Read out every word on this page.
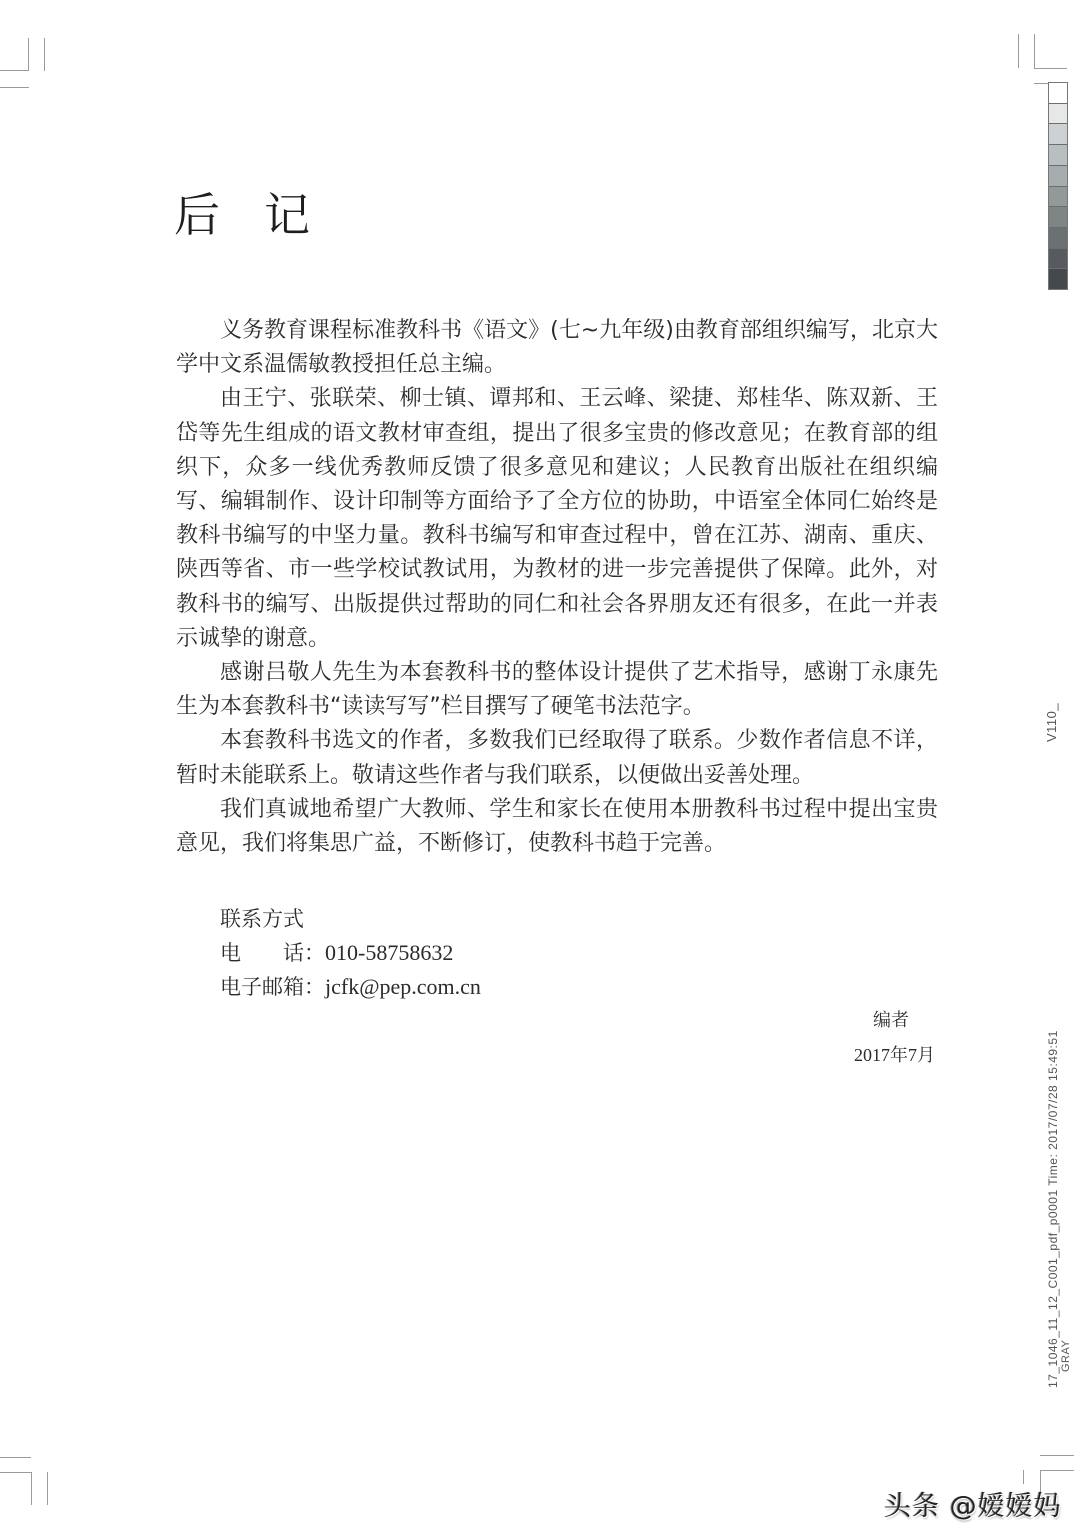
后记

义务教育课程标准教科书《语文》(七~九年级)由教育部组织编写，北京大学中文系温儒敏教授担任总主编。

由王宁、张联荣、柳士镇、谭邦和、王云峰、梁捷、郑桂华、陈双新、王岱等先生组成的语文教材审查组，提出了很多宝贵的修改意见；在教育部的组织下，众多一线优秀教师反馈了很多意见和建议；人民教育出版社在组织编写、编辑制作、设计印制等方面给予了全方位的协助，中语室全体同仁始终是教科书编写的中坚力量。教科书编写和审查过程中，曾在江苏、湖南、重庆、陕西等省、市一些学校试教试用，为教材的进一步完善提供了保障。此外，对教科书的编写、出版提供过帮助的同仁和社会各界朋友还有很多，在此一并表示诚挚的谢意。

感谢吕敬人先生为本套教科书的整体设计提供了艺术指导，感谢丁永康先生为本套教科书“读读写写”栏目撰写了硬笔书法范字。

本套教科书选文的作者，多数我们已经取得了联系。少数作者信息不详，暂时未能联系上。敬请这些作者与我们联系，以便做出妥善处理。

我们真诚地希望广大教师、学生和家长在使用本册教科书过程中提出宝贵意见，我们将集思广益，不断修订，使教科书趋于完善。

联系方式
电　　话： 010-58758632
电子邮箱： jcfk@pep.com.cn
编者
2017年7月
V110_
17_1046_11_12_C001_pdf_p0001 Time: 2017/07/28 15:49:51 GRAY
头条 @嫒嫒妈
